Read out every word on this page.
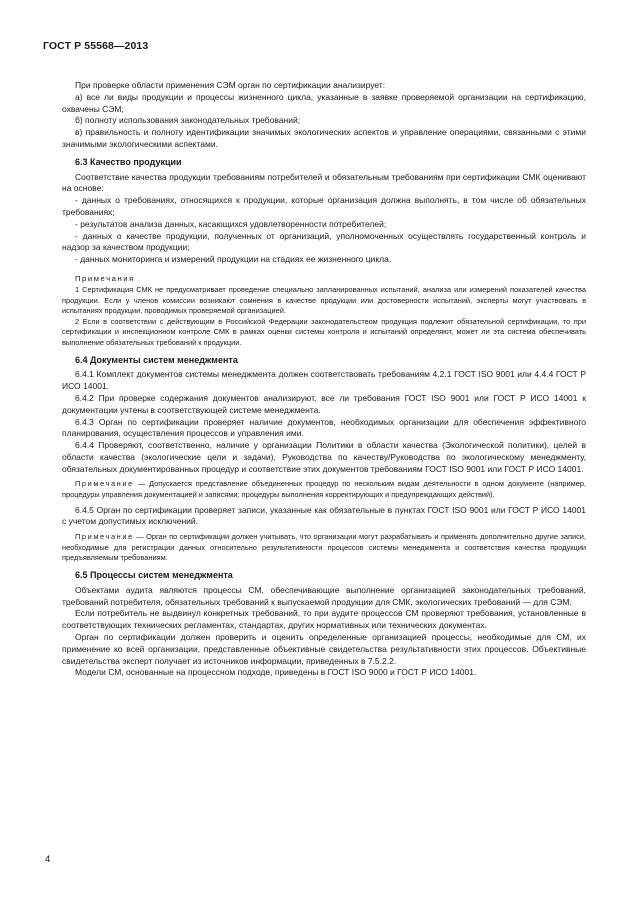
ГОСТ Р 55568—2013

При проверке области применения СЭМ орган по сертификации анализирует:

а) все ли виды продукции и процессы жизненного цикла, указанные в заявке проверяемой организации на сертификацию, охвачены СЭМ;

б) полноту использования законодательных требований;

в) правильность и полноту идентификации значимых экологических аспектов и управление операциями, связанными с этими значимыми экологическими аспектами.

6.3 Качество продукции

Соответствие качества продукции требованиям потребителей и обязательным требованиям при сертификации СМК оценивают на основе:

- данных о требованиях, относящихся к продукции, которые организация должна выполнять, в том числе об обязательных требованиях;

- результатов анализа данных, касающихся удовлетворенности потребителей;

- данных о качестве продукции, полученных от организаций, уполномоченных осуществлять государственный контроль и надзор за качеством продукции;

- данных мониторинга и измерений продукции на стадиях ее жизненного цикла.

Примечания

1 Сертификация СМК не предусматривает проведение специально запланированных испытаний, анализа или измерений показателей качества продукции. Если у членов комиссии возникают сомнения в качестве продукции или достоверности испытаний, эксперты могут участвовать в испытаниях продукции, проводимых проверяемой организацией.

2 Если в соответствии с действующим в Российской Федерации законодательством продукция подлежит обязательной сертификации, то при сертификации и инспекционном контроле СМК в рамках оценки системы контроля и испытаний определяют, может ли эта система обеспечивать выполнение обязательных требований к продукции.

6.4 Документы систем менеджмента

6.4.1 Комплект документов системы менеджмента должен соответствовать требованиям 4.2.1 ГОСТ ISO 9001 или 4.4.4 ГОСТ Р ИСО 14001.

6.4.2 При проверке содержания документов анализируют, все ли требования ГОСТ ISO 9001 или ГОСТ Р ИСО 14001 к документации учтены в соответствующей системе менеджмента.

6.4.3 Орган по сертификации проверяет наличие документов, необходимых организации для обеспечения эффективного планирования, осуществления процессов и управления ими.

6.4.4 Проверяют, соответственно, наличие у организации Политики в области качества (Экологической политики), целей в области качества (экологические цели и задачи), Руководства по качеству/Руководства по экологическому менеджменту, обязательных документированных процедур и соответствие этих документов требованиям ГОСТ ISO 9001 или ГОСТ Р ИСО 14001.

Примечание — Допускается представление объединенных процедур по нескольким видам деятельности в одном документе (например, процедуры управления документацией и записями; процедуры выполнения корректирующих и предупреждающих действий).

6.4.5 Орган по сертификации проверяет записи, указанные как обязательные в пунктах ГОСТ ISO 9001 или ГОСТ Р ИСО 14001 с учетом допустимых исключений.

Примечание — Орган по сертификации должен учитывать, что организации могут разрабатывать и применять дополнительно другие записи, необходимые для регистрации данных относительно результативности процессов системы менеджмента и соответствия качества продукции предъявляемым требованиям.

6.5 Процессы систем менеджмента

Объектами аудита являются процессы СМ, обеспечивающие выполнение организацией законодательных требований, требований потребителя, обязательных требований к выпускаемой продукции для СМК, экологических требований — для СЭМ.

Если потребитель не выдвинул конкретных требований, то при аудите процессов СМ проверяют требования, установленные в соответствующих технических регламентах, стандартах, других нормативных или технических документах.

Орган по сертификации должен проверить и оценить определенные организацией процессы, необходимые для СМ, их применение ко всей организации, представленные объективные свидетельства результативности этих процессов. Объективные свидетельства эксперт получает из источников информации, приведенных в 7.5.2.2.

Модели СМ, основанные на процессном подходе, приведены в ГОСТ ISO 9000 и ГОСТ Р ИСО 14001.

4
